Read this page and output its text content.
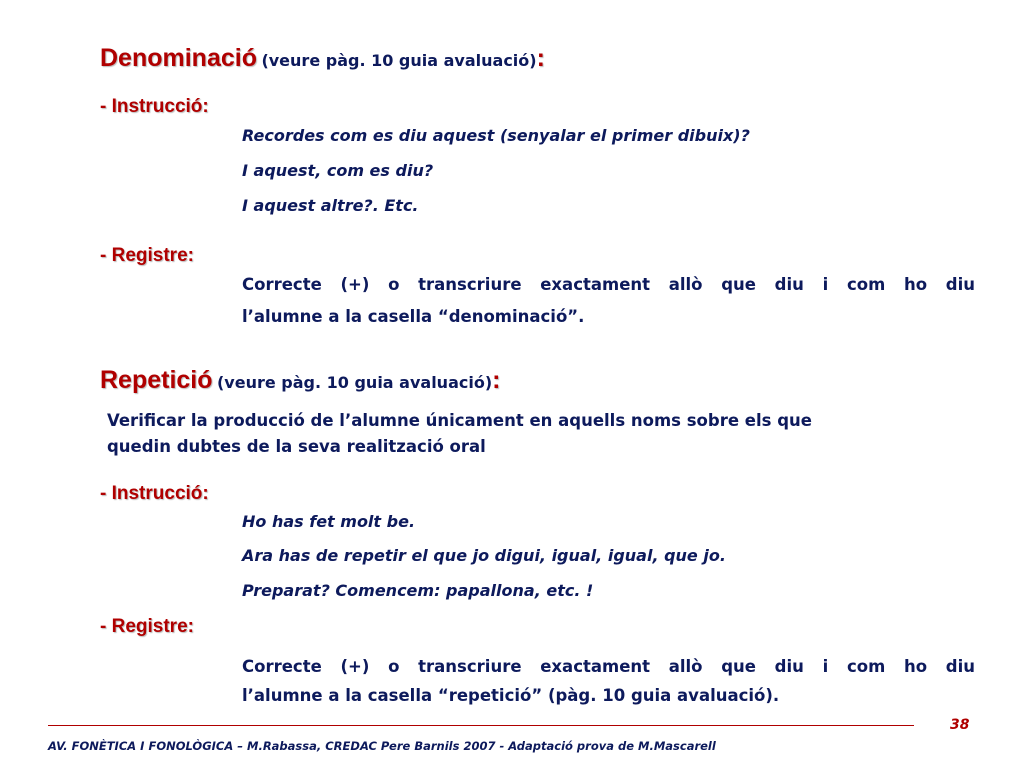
Denominació (veure pàg. 10 guia avaluació):
- Instrucció:
Recordes com es diu aquest (senyalar el primer dibuix)?
I aquest, com es diu?
I aquest altre?. Etc.
- Registre:
Correcte (+) o transcriure exactament allò que diu i com ho diu
l’alumne a la casella “denominació”.
Repetició (veure pàg. 10 guia avaluació):
Verificar la producció de l’alumne únicament en aquells noms sobre els que
quedin dubtes de la seva realització oral
- Instrucció:
Ho has fet molt be.
Ara has de repetir el que jo digui, igual, igual, que jo.
Preparat? Comencem: papallona, etc. !
- Registre:
Correcte (+) o transcriure exactament allò que diu i com ho diu
l’alumne a la casella “repetició” (pàg. 10 guia avaluació).
38
AV. FONÈTICA I FONOLÒGICA – M.Rabassa, CREDAC Pere Barnils 2007 - Adaptació prova de M.Mascarell
